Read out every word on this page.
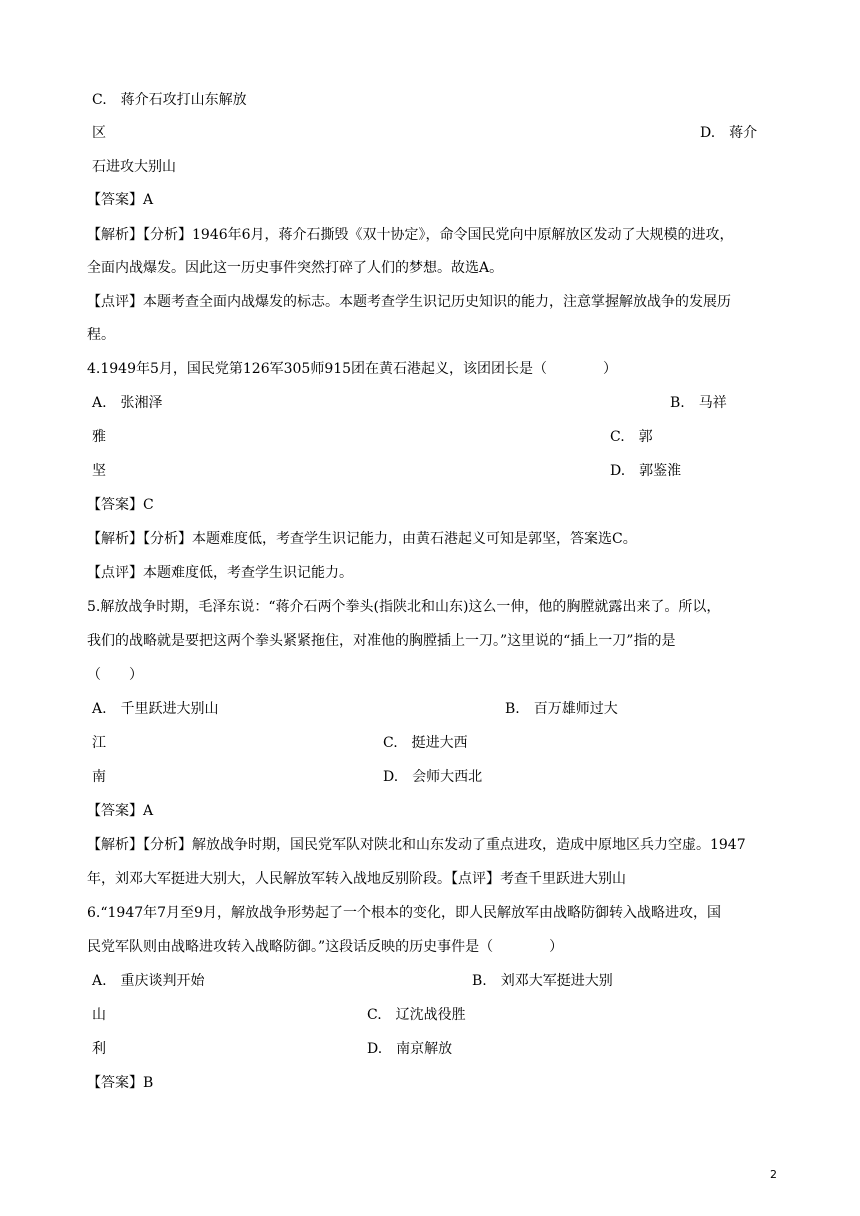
C.　蒋介石攻打山东解放
区	D.　蒋介
石进攻大别山
【答案】A
【解析】【分析】1946年6月，蒋介石撕毁《双十协定》，命令国民党向中原解放区发动了大规模的进攻，
全面内战爆发。因此这一历史事件突然打碎了人们的梦想。故选A。
【点评】本题考查全面内战爆发的标志。本题考查学生识记历史知识的能力，注意掌握解放战争的发展历
程。
4.1949年5月，国民党第126军305师915团在黄石港起义，该团团长是（　　　　）
A.　张湘泽	B.　马祥
雅	C.　郭
坚	D.　郭鉴淮
【答案】C
【解析】【分析】本题难度低，考查学生识记能力，由黄石港起义可知是郭坚，答案选C。
【点评】本题难度低，考查学生识记能力。
5.解放战争时期，毛泽东说：“蒋介石两个拳头(指陕北和山东)这么一伸，他的胸膛就露出来了。所以，
我们的战略就是要把这两个拳头紧紧拖住，对准他的胸膛插上一刀。”这里说的“插上一刀”指的是
（　　）
A.　千里跃进大别山	B.　百万雄师过大
江	C.　挺进大西
南	D.　会师大西北
【答案】A
【解析】【分析】解放战争时期，国民党军队对陕北和山东发动了重点进攻，造成中原地区兵力空虚。1947
年，刘邓大军挺进大别大，人民解放军转入战地反别阶段。【点评】考查千里跃进大别山
6.“1947年7月至9月，解放战争形势起了一个根本的变化，即人民解放军由战略防御转入战略进攻，国
民党军队则由战略进攻转入战略防御。”这段话反映的历史事件是（　　　　）
A.　重庆谈判开始	B.　刘邓大军挺进大别
山	C.　辽沈战役胜
利	D.　南京解放
【答案】B
2
